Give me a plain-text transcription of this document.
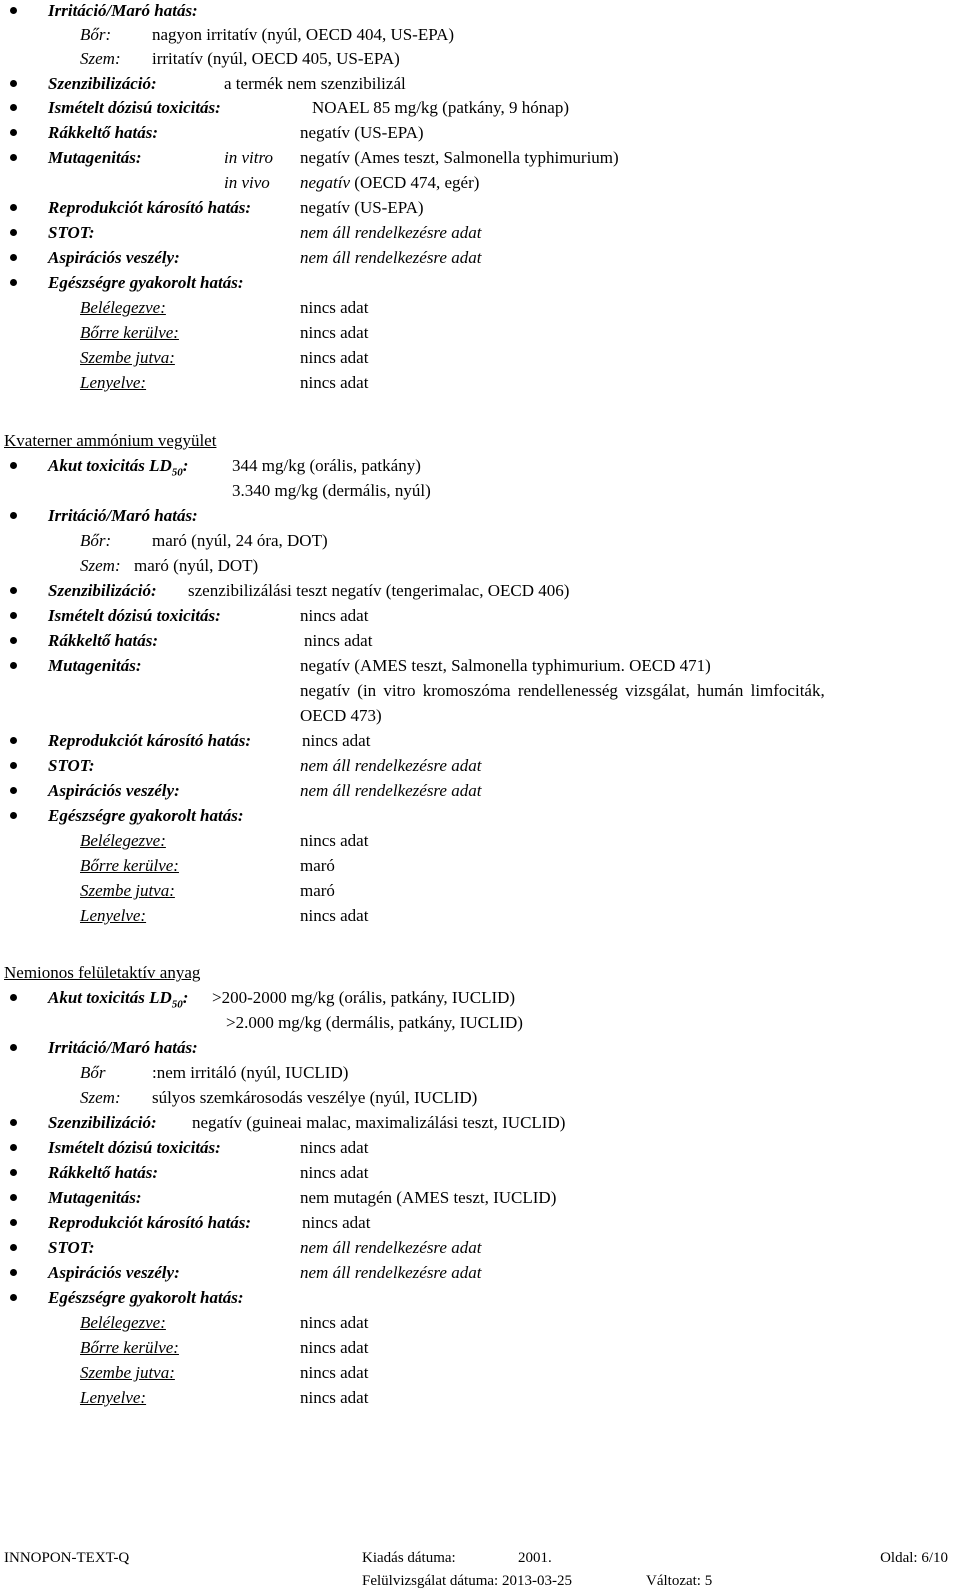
Irritáció/Maró hatás:
Bőr: nagyon irritatív (nyúl, OECD 404, US-EPA)
Szem: irritatív (nyúl, OECD 405, US-EPA)
Szenzibilizáció:	a termék nem szenzibilizál
Ismételt dózisú toxicitás:	NOAEL 85 mg/kg (patkány, 9 hónap)
Rákkeltő hatás:	negatív (US-EPA)
Mutagenitás:	in vitro negatív (Ames teszt, Salmonella typhimurium)
in vivo negatív (OECD 474, egér)
Reprodukciót károsító hatás:	negatív (US-EPA)
STOT:	nem áll rendelkezésre adat
Aspirációs veszély:	nem áll rendelkezésre adat
Egészségre gyakorolt hatás:
Belélegezve:	nincs adat
Bőrre kerülve:	nincs adat
Szembe jutva:	nincs adat
Lenyelve:	nincs adat
Kvaterner ammónium vegyület
Akut toxicitás $LD_{50}$:	344 mg/kg (orális, patkány)
3.340 mg/kg (dermális, nyúl)
Irritáció/Maró hatás:
Bőr: maró (nyúl, 24 óra, DOT)
Szem: maró (nyúl, DOT)
Szenzibilizáció: szenzibilizálási teszt negatív (tengerimalac, OECD 406)
Ismételt dózisú toxicitás:	nincs adat
Rákkeltő hatás:	nincs adat
Mutagenitás:	negatív (AMES teszt, Salmonella typhimurium. OECD 471)
negatív (in vitro kromoszóma rendellenesség vizsgálat, humán limfociták,
OECD 473)
Reprodukciót károsító hatás:	nincs adat
STOT:	nem áll rendelkezésre adat
Aspirációs veszély:	nem áll rendelkezésre adat
Egészségre gyakorolt hatás:
Belélegezve:	nincs adat
Bőrre kerülve:	maró
Szembe jutva:	maró
Lenyelve:	nincs adat
Nemionos felületaktív anyag
Akut toxicitás $LD_{50}$: >200-2000 mg/kg (orális, patkány, IUCLID)
>2.000 mg/kg (dermális, patkány, IUCLID)
Irritáció/Maró hatás:
Bőr	:nem irritáló (nyúl, IUCLID)
Szem: súlyos szemkárosodás veszélye (nyúl, IUCLID)
Szenzibilizáció: negatív (guineai malac, maximalizálási teszt, IUCLID)
Ismételt dózisú toxicitás:	nincs adat
Rákkeltő hatás:	nincs adat
Mutagenitás:	nem mutagén (AMES teszt, IUCLID)
Reprodukciót károsító hatás:	nincs adat
STOT:	nem áll rendelkezésre adat
Aspirációs veszély:	nem áll rendelkezésre adat
Egészségre gyakorolt hatás:
Belélegezve:	nincs adat
Bőrre kerülve:	nincs adat
Szembe jutva:	nincs adat
Lenyelve:	nincs adat
INNOPON-TEXT-Q	Kiadás dátuma:	2001.	Oldal: 6/10
Felülvizsgálat dátuma: 2013-03-25	Változat: 5
